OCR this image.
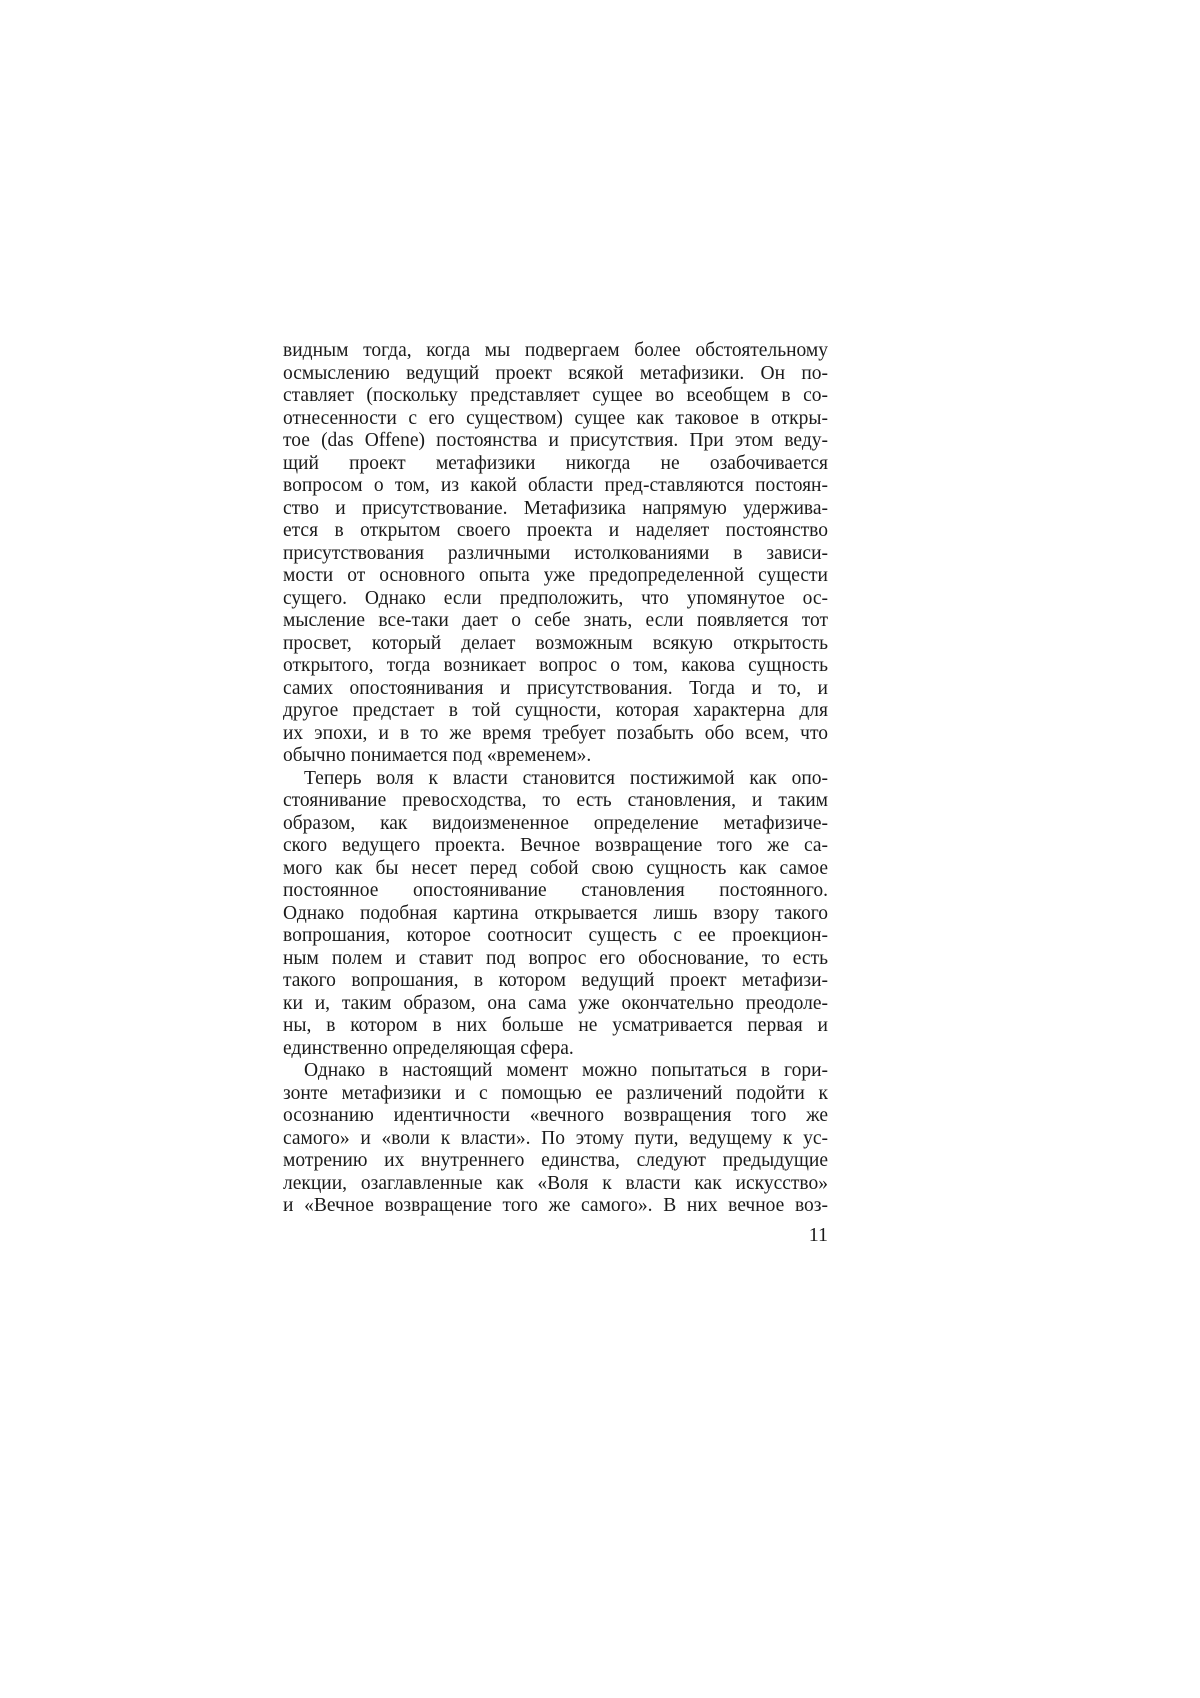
видным тогда, когда мы подвергаем более обстоятельному
осмыслению ведущий проект всякой метафизики. Он по-
ставляет (поскольку представляет сущее во всеобщем в со-
отнесенности с его существом) сущее как таковое в откры-
тое (das Offene) постоянства и присутствия. При этом веду-
щий проект метафизики никогда не озабочивается
вопросом о том, из какой области пред-ставляются постоян-
ство и присутствование. Метафизика напрямую удержива-
ется в открытом своего проекта и наделяет постоянство
присутствования различными истолкованиями в зависи-
мости от основного опыта уже предопределенной сущести
сущего. Однако если предположить, что упомянутое ос-
мысление все-таки дает о себе знать, если появляется тот
просвет, который делает возможным всякую открытость
открытого, тогда возникает вопрос о том, какова сущность
самих опостоянивания и присутствования. Тогда и то, и
другое предстает в той сущности, которая характерна для
их эпохи, и в то же время требует позабыть обо всем, что
обычно понимается под «временем».
Теперь воля к власти становится постижимой как опо-
стоянивание превосходства, то есть становления, и таким
образом, как видоизмененное определение метафизиче-
ского ведущего проекта. Вечное возвращение того же са-
мого как бы несет перед собой свою сущность как самое
постоянное опостоянивание становления постоянного.
Однако подобная картина открывается лишь взору такого
вопрошания, которое соотносит сущесть с ее проекцион-
ным полем и ставит под вопрос его обоснование, то есть
такого вопрошания, в котором ведущий проект метафизи-
ки и, таким образом, она сама уже окончательно преодоле-
ны, в котором в них больше не усматривается первая и
единственно определяющая сфера.
Однако в настоящий момент можно попытаться в гори-
зонте метафизики и с помощью ее различений подойти к
осознанию идентичности «вечного возвращения того же
самого» и «воли к власти». По этому пути, ведущему к ус-
мотрению их внутреннего единства, следуют предыдущие
лекции, озаглавленные как «Воля к власти как искусство»
и «Вечное возвращение того же самого». В них вечное воз-
11
